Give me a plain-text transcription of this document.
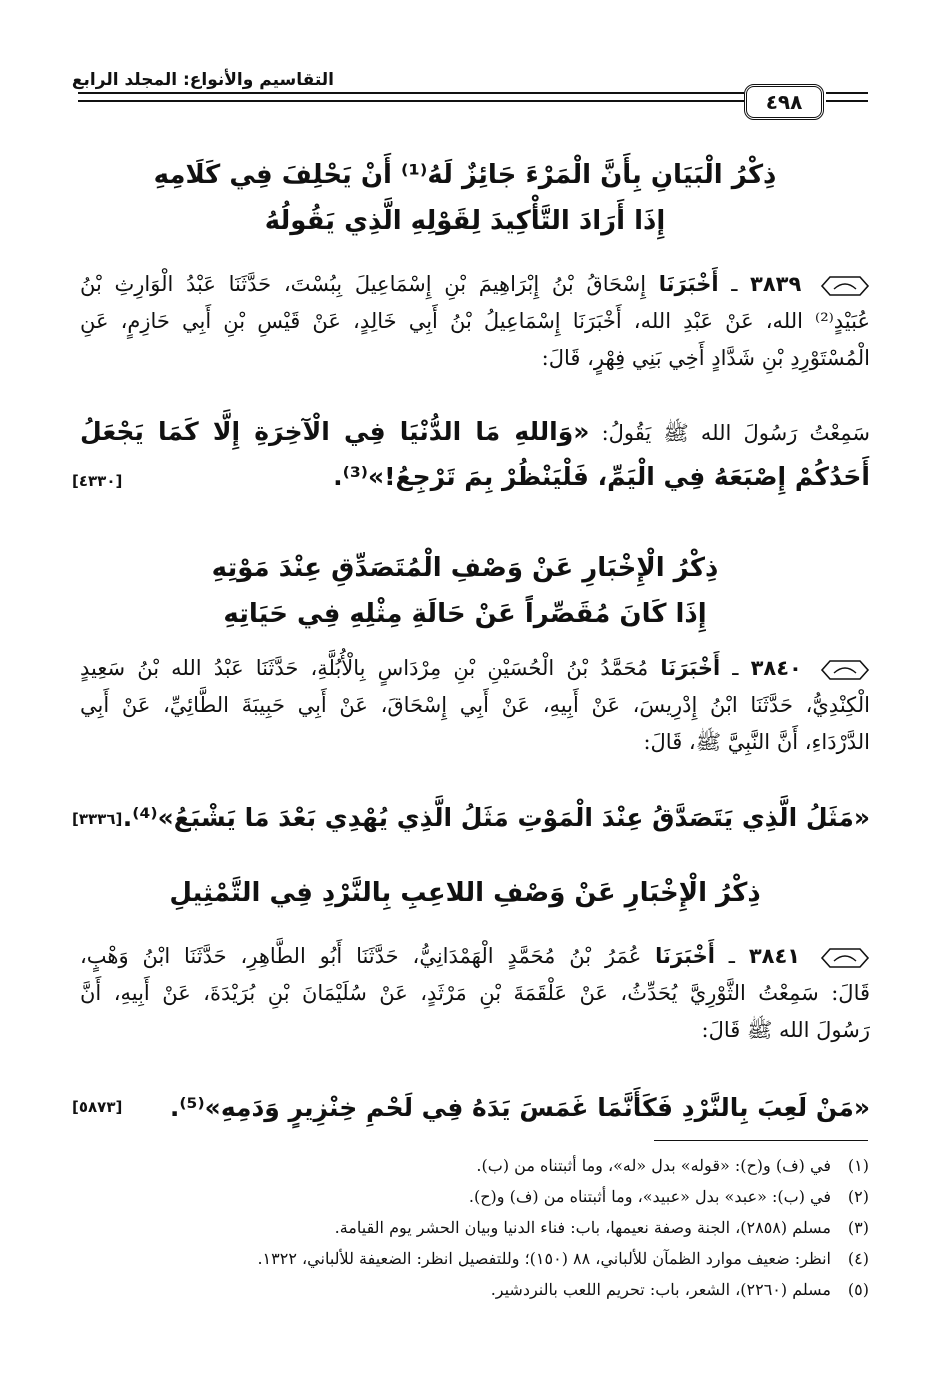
التقاسيم والأنواع: المجلد الرابع
٤٩٨
ذِكْرُ الْبَيَانِ بِأَنَّ الْمَرْءَ جَائِزٌ لَهُ⁽¹⁾ أَنْ يَحْلِفَ فِي كَلَامِهِ
إِذَا أَرَادَ التَّأْكِيدَ لِقَوْلِهِ الَّذِي يَقُولُهُ
٣٨٣٩ ـ أَخْبَرَنَا إِسْحَاقُ بْنُ إِبْرَاهِيمَ بْنِ إِسْمَاعِيلَ بِبُسْتَ، حَدَّثَنَا عَبْدُ الْوَارِثِ بْنُ
عُبَيْدٍ⁽²⁾ الله، عَنْ عَبْدِ الله، أَخْبَرَنَا إِسْمَاعِيلُ بْنُ أَبِي خَالِدٍ، عَنْ قَيْسِ بْنِ أَبِي حَازِمٍ، عَنِ
الْمُسْتَوْرِدِ بْنِ شَدَّادٍ أَخِي بَنِي فِهْرٍ، قَالَ:
سَمِعْتُ رَسُولَ الله ﷺ يَقُولُ: «وَاللهِ مَا الدُّنْيَا فِي الْآخِرَةِ إِلَّا كَمَا يَجْعَلُ
أَحَدُكُمْ إِصْبَعَهُ فِي الْيَمِّ، فَلْيَنْظُرْ بِمَ تَرْجِعُ!»⁽³⁾.
[٤٣٣٠]
ذِكْرُ الْإِخْبَارِ عَنْ وَصْفِ الْمُتَصَدِّقِ عِنْدَ مَوْتِهِ
إِذَا كَانَ مُقَصِّراً عَنْ حَالَةِ مِثْلِهِ فِي حَيَاتِهِ
٣٨٤٠ ـ أَخْبَرَنَا مُحَمَّدُ بْنُ الْحُسَيْنِ بْنِ مِرْدَاسٍ بِالْأُبُلَّةِ، حَدَّثَنَا عَبْدُ الله بْنُ سَعِيدٍ
الْكِنْدِيُّ، حَدَّثَنَا ابْنُ إِدْرِيسَ، عَنْ أَبِيهِ، عَنْ أَبِي إِسْحَاقَ، عَنْ أَبِي حَبِيبَةَ الطَّائِيِّ، عَنْ أَبِي
الدَّرْدَاءِ، أَنَّ النَّبِيَّ ﷺ، قَالَ:
«مَثَلُ الَّذِي يَتَصَدَّقُ عِنْدَ الْمَوْتِ مَثَلُ الَّذِي يُهْدِي بَعْدَ مَا يَشْبَعُ»⁽⁴⁾.
[٣٣٣٦]
ذِكْرُ الْإِخْبَارِ عَنْ وَصْفِ اللاعِبِ بِالنَّرْدِ فِي التَّمْثِيلِ
٣٨٤١ ـ أَخْبَرَنَا عُمَرُ بْنُ مُحَمَّدٍ الْهَمْدَانِيُّ، حَدَّثَنَا أَبُو الطَّاهِرِ، حَدَّثَنَا ابْنُ وَهْبٍ،
قَالَ: سَمِعْتُ الثَّوْرِيَّ يُحَدِّثُ، عَنْ عَلْقَمَةَ بْنِ مَرْثَدٍ، عَنْ سُلَيْمَانَ بْنِ بُرَيْدَةَ، عَنْ أَبِيهِ، أَنَّ
رَسُولَ الله ﷺ قَالَ:
«مَنْ لَعِبَ بِالنَّرْدِ فَكَأَنَّمَا غَمَسَ يَدَهُ فِي لَحْمِ خِنْزِيرٍ وَدَمِهِ»⁽⁵⁾.
[٥٨٧٣]
(١)في (ف) و(ح): «قوله» بدل «له»، وما أثبتناه من (ب).
(٢)في (ب): «عبد» بدل «عبيد»، وما أثبتناه من (ف) و(ح).
(٣)مسلم (٢٨٥٨)، الجنة وصفة نعيمها، باب: فناء الدنيا وبيان الحشر يوم القيامة.
(٤)انظر: ضعيف موارد الظمآن للألباني، ٨٨ (١٥٠)؛ وللتفصيل انظر: الضعيفة للألباني، ١٣٢٢.
(٥)مسلم (٢٢٦٠)، الشعر، باب: تحريم اللعب بالنردشير.
